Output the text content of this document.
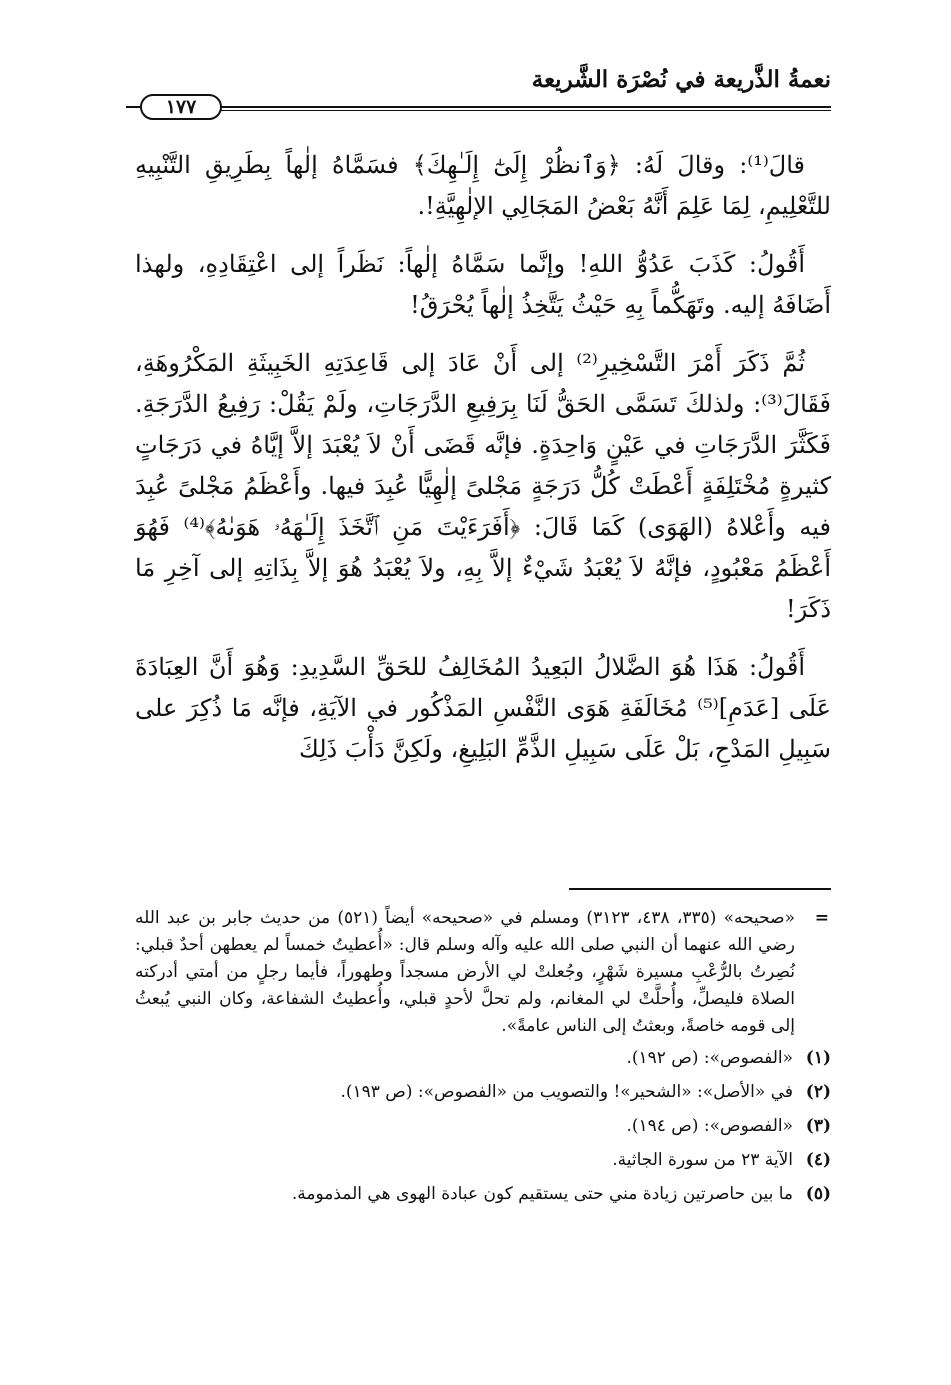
نعمةُ الذَّريعة في نُصْرَة الشَّريعة
١٧٧

قالَ⁽¹⁾: وقالَ لَهُ: ﴿وَٱنظُرْ إِلَىٰٓ إِلَـٰهِكَ﴾ فسَمَّاهُ إلٰهاً بِطَرِيقِ التَّنْبِيهِ للتَّعْلِيمِ، لِمَا عَلِمَ أَنَّهُ بَعْضُ المَجَالِي الإلٰهِيَّةِ!.

أَقُولُ: كَذَبَ عَدُوُّ اللهِ! وإنَّما سَمَّاهُ إلٰهاً: نَظَراً إلى اعْتِقَادِهِ، ولهذا أَضَافَهُ إليه. وتَهَكُّماً بِهِ حَيْثُ يَتَّخِذُ إلٰهاً يُحْرَقُ!

ثُمَّ ذَكَرَ أَمْرَ التَّسْخِيرِ⁽²⁾ إلى أَنْ عَادَ إلى قَاعِدَتِهِ الخَبِيثَةِ المَكْرُوهَةِ، فَقَالَ⁽³⁾: ولذلكَ تَسَمَّى الحَقُّ لَنَا بِرَفِيعِ الدَّرَجَاتِ، ولَمْ يَقُلْ: رَفِيعُ الدَّرَجَةِ. فَكَثَّرَ الدَّرَجَاتِ في عَيْنٍ وَاحِدَةٍ. فإنَّه قَضَى أَنْ لاَ يُعْبَدَ إلاَّ إيَّاهُ في دَرَجَاتٍ كثيرةٍ مُخْتَلِفَةٍ أَعْطَتْ كُلُّ دَرَجَةٍ مَجْلىً إلٰهِيًّا عُبِدَ فيها. وأَعْظَمُ مَجْلىً عُبِدَ فيه وأَعْلاهُ (الهَوَى) كَمَا قَالَ: ﴿أَفَرَءَيْتَ مَنِ ٱتَّخَذَ إِلَـٰهَهُۥ هَوَىٰهُ﴾⁽⁴⁾ فَهُوَ أَعْظَمُ مَعْبُودٍ، فإنَّهُ لاَ يُعْبَدُ شَيْءٌ إلاَّ بِهِ، ولاَ يُعْبَدُ هُوَ إلاَّ بِذَاتِهِ إلى آخِرِ مَا ذَكَرَ!

أَقُولُ: هَذَا هُوَ الضَّلالُ البَعِيدُ المُخَالِفُ للحَقِّ السَّدِيدِ: وَهُوَ أَنَّ العِبَادَةَ عَلَى [عَدَمِ]⁽⁵⁾ مُخَالَفَةِ هَوَى النَّفْسِ المَذْكُور في الآيَةِ، فإنَّه مَا ذُكِرَ على سَبِيلِ المَدْحِ، بَلْ عَلَى سَبِيلِ الذَّمِّ البَلِيغِ، ولَكِنَّ دَأْبَ ذَلِكَ

=
«صحيحه» (٣٣٥، ٤٣٨، ٣١٢٣) ومسلم في «صحيحه» أيضاً (٥٢١) من حديث جابر بن عبد الله رضي الله عنهما أن النبي صلى الله عليه وآله وسلم قال: «أُعطيتُ خمساً لم يعطهن أحدٌ قبلي: نُصِرتُ بالرُّعْبِ مسيرة شَهْرٍ، وجُعلتْ لي الأرض مسجداً وطهوراً، فأيما رجلٍ من أمتي أدركته الصلاة فليصلِّ، وأُحلَّتْ لي المغانم، ولم تحلَّ لأحدٍ قبلي، وأُعطيتُ الشفاعة، وكان النبي يُبعثُ إلى قومه خاصةً، وبعثتُ إلى الناس عامةً».
(١)
«الفصوص»: (ص ١٩٢).
(٢)
في «الأصل»: «الشحير»! والتصويب من «الفصوص»: (ص ١٩٣).
(٣)
«الفصوص»: (ص ١٩٤).
(٤)
الآية ٢٣ من سورة الجاثية.
(٥)
ما بين حاصرتين زيادة مني حتى يستقيم كون عبادة الهوى هي المذمومة.
